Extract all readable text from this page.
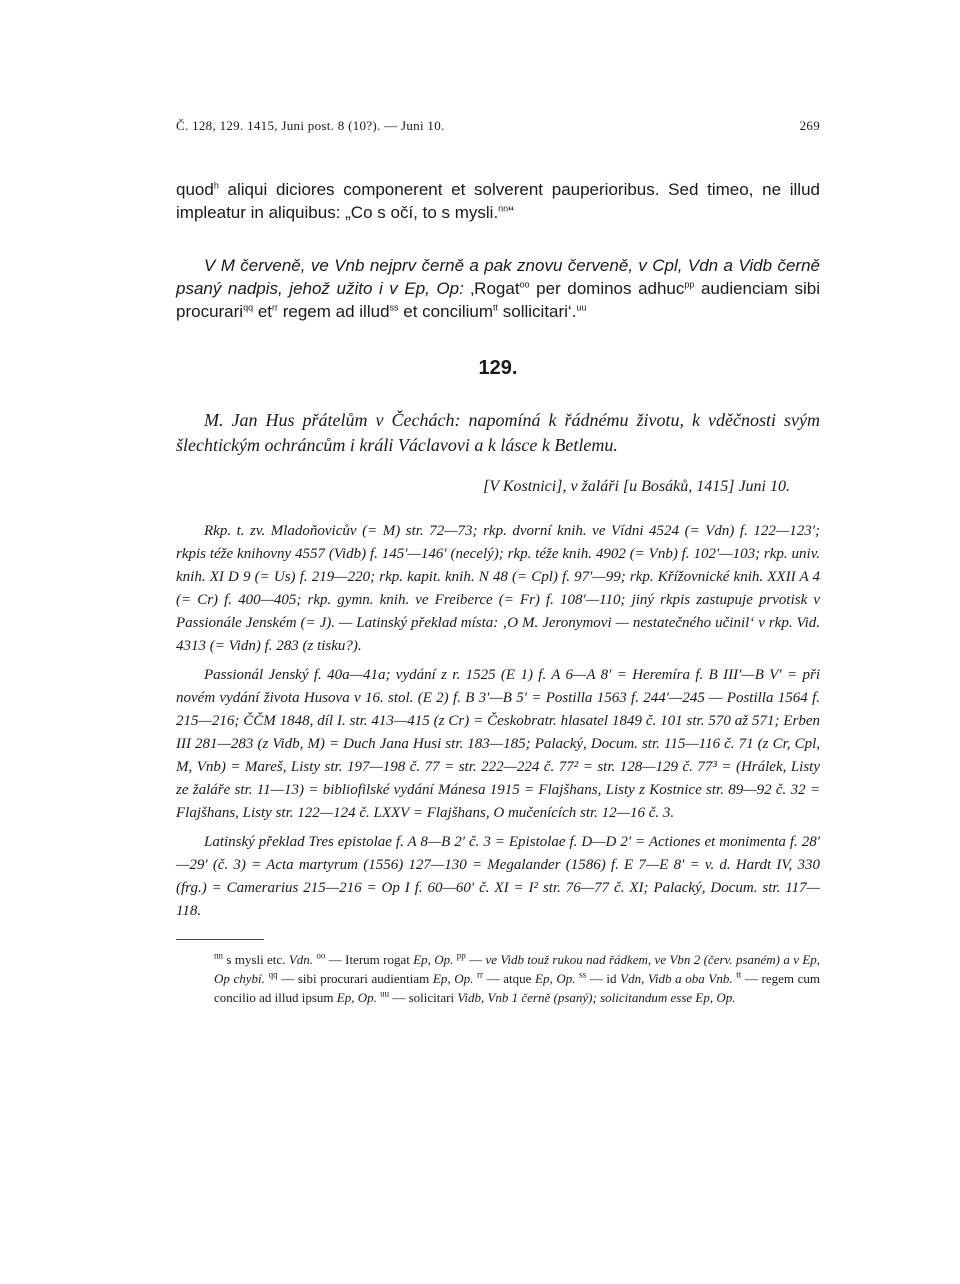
Č. 128, 129. 1415, Juni post. 8 (10?). — Juni 10.	269

quod$^h$ aliqui diciores componerent et solverent pauperioribus. Sed timeo, ne illud impleatur in aliquibus: „Co s očí, to s mysli.$^{nn}$“

V M červeně, ve Vnb nejprv černě a pak znovu červeně, v Cpl, Vdn a Vidb černě psaný nadpis, jehož užito i v Ep, Op: ‚Rogat$^{oo}$ per dominos adhuc$^{pp}$ audienciam sibi procurari$^{qq}$ $et^{rr}$ regem ad illud$^{ss}$ et concilium$^{tt}$ sollicitari‘.$^{uu}$

129.

M. Jan Hus přátelům v Čechách: napomíná k řádnému životu, k vděčnosti svým šlechtickým ochráncům i králi Václavovi a k lásce k Betlemu.

[V Kostnici], v žaláři [u Bosáků, 1415] Juni 10.

Rkp. t. zv. Mladoňovicův (= M) str. 72—73; rkp. dvorní knih. ve Vídni 4524 (= Vdn) f. 122—123′; rkpis téže knihovny 4557 (Vidb) f. 145′—146′ (necelý); rkp. téže knih. 4902 (= Vnb) f. 102′—103; rkp. univ. knih. XI D 9 (= Us) f. 219—220; rkp. kapit. knih. N 48 (= Cpl) f. 97′—99; rkp. Křížovnické knih. XXII A 4 (= Cr) f. 400—405; rkp. gymn. knih. ve Freiberce (= Fr) f. 108′—110; jiný rkpis zastupuje prvotisk v Passionále Jenském (= J). — Latinský překlad místa: ‚O M. Jeronymovi — nestatečného učinil‘ v rkp. Vid. 4313 (= Vidn) f. 283 (z tisku?).

Passionál Jenský f. 40a—41a; vydání z r. 1525 (E 1) f. A 6—A 8′ = Heremíra f. B III′—B V′ = při novém vydání života Husova v 16. stol. (E 2) f. B 3′—B 5′ = Postilla 1563 f. 244′—245 — Postilla 1564 f. 215—216; ČČM 1848, díl I. str. 413—415 (z Cr) = Českobratr. hlasatel 1849 č. 101 str. 570 až 571; Erben III 281—283 (z Vidb, M) = Duch Jana Husi str. 183—185; Palacký, Docum. str. 115—116 č. 71 (z Cr, Cpl, M, Vnb) = Mareš, Listy str. 197—198 č. 77 = str. 222—224 č. 77² = str. 128—129 č. 77³ = (Hrálek, Listy ze žaláře str. 11—13) = bibliofilské vydání Mánesa 1915 = Flajšhans, Listy z Kostnice str. 89—92 č. 32 = Flajšhans, Listy str. 122—124 č. LXXV = Flajšhans, O mučenících str. 12—16 č. 3.

Latinský překlad Tres epistolae f. A 8—B 2′ č. 3 = Epistolae f. D—D 2′ = Actiones et monimenta f. 28′—29′ (č. 3) = Acta martyrum (1556) 127—130 = Megalander (1586) f. E 7—E 8′ = v. d. Hardt IV, 330 (frg.) = Camerarius 215—216 = Op I f. 60—60′ č. XI = I² str. 76—77 č. XI; Palacký, Docum. str. 117—118.

$^{nn}$ s mysli etc. Vdn. $^{oo}$ — Iterum rogat Ep, Op. $^{pp}$ — ve Vidb touž rukou nad řádkem, ve Vbn 2 (červ. psaném) a v Ep, Op chybí. $^{qq}$ — sibi procurari audientiam Ep, Op. $^{rr}$ — atque Ep, Op. $^{ss}$ — id Vdn, Vidb a oba Vnb. $^{tt}$ — regem cum concilio ad illud ipsum Ep, Op. $^{uu}$ — solicitari Vidb, Vnb 1 černě (psaný); solicitandum esse Ep, Op.
